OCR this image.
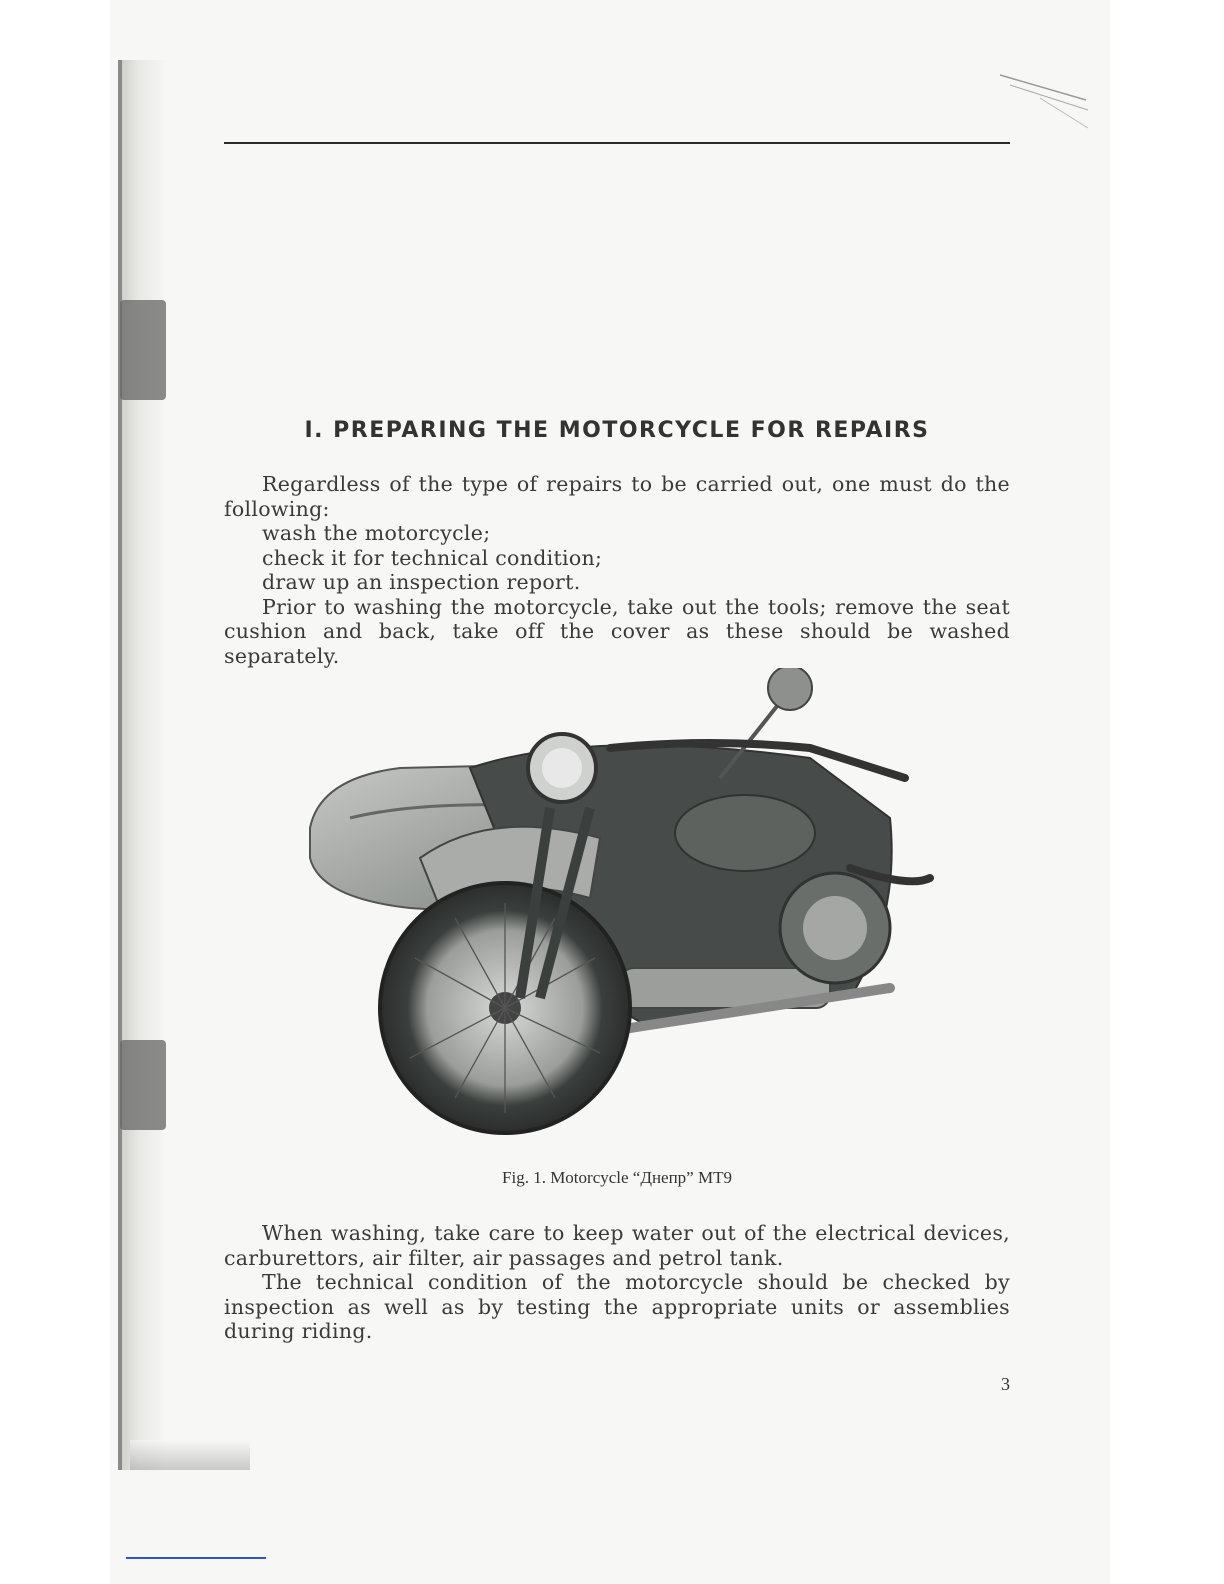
I. PREPARING THE MOTORCYCLE FOR REPAIRS

Regardless of the type of repairs to be carried out, one must do the following:

wash the motorcycle;

check it for technical condition;

draw up an inspection report.

Prior to washing the motorcycle, take out the tools; remove the seat cushion and back, take off the cover as these should be washed separately.

Fig. 1. Motorcycle “Днепр” MT9

When washing, take care to keep water out of the electrical devices, carburettors, air filter, air passages and petrol tank.

The technical condition of the motorcycle should be checked by inspection as well as by testing the appropriate units or assemblies during riding.

3
